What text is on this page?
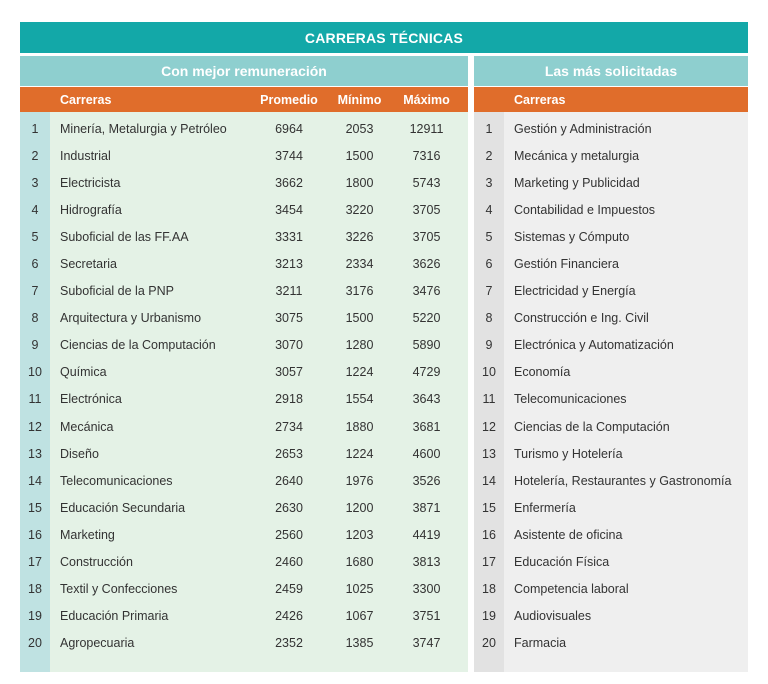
CARRERAS TÉCNICAS
Con mejor remuneración
Carreras	Promedio	Mínimo	Máximo
1	Minería, Metalurgia y Petróleo	6964	2053	12911
2	Industrial	3744	1500	7316
3	Electricista	3662	1800	5743
4	Hidrografía	3454	3220	3705
5	Suboficial de las FF.AA	3331	3226	3705
6	Secretaria	3213	2334	3626
7	Suboficial de la PNP	3211	3176	3476
8	Arquitectura y Urbanismo	3075	1500	5220
9	Ciencias de la Computación	3070	1280	5890
10	Química	3057	1224	4729
11	Electrónica	2918	1554	3643
12	Mecánica	2734	1880	3681
13	Diseño	2653	1224	4600
14	Telecomunicaciones	2640	1976	3526
15	Educación Secundaria	2630	1200	3871
16	Marketing	2560	1203	4419
17	Construcción	2460	1680	3813
18	Textil y Confecciones	2459	1025	3300
19	Educación Primaria	2426	1067	3751
20	Agropecuaria	2352	1385	3747
Las más solicitadas
Carreras
1	Gestión y Administración
2	Mecánica y metalurgia
3	Marketing y Publicidad
4	Contabilidad e Impuestos
5	Sistemas y Cómputo
6	Gestión Financiera
7	Electricidad y Energía
8	Construcción e Ing. Civil
9	Electrónica y Automatización
10	Economía
11	Telecomunicaciones
12	Ciencias de la Computación
13	Turismo y Hotelería
14	Hotelería, Restaurantes y Gastronomía
15	Enfermería
16	Asistente de oficina
17	Educación Física
18	Competencia laboral
19	Audiovisuales
20	Farmacia
